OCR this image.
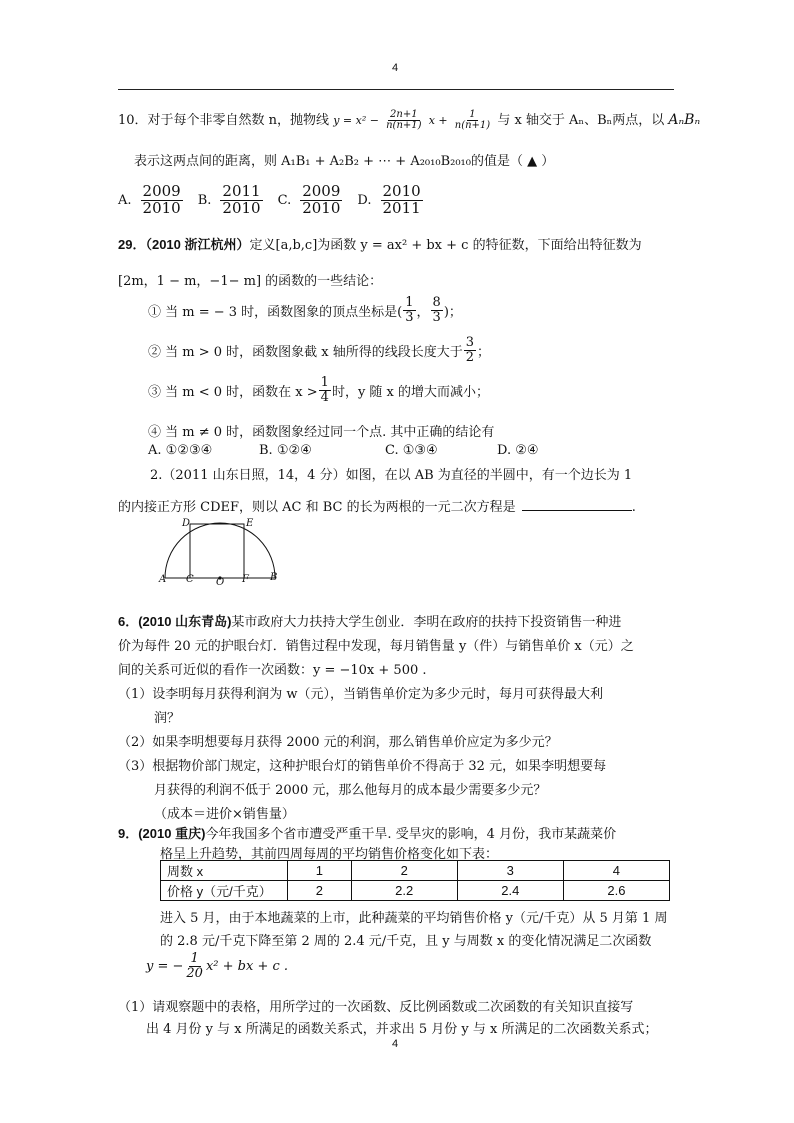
4
10．对于每个非零自然数 n，抛物线 $y = x^2 - \frac{2n+1}{n(n+1)}$ $x + \frac{1}{n(n+1)}$ 与 x 轴交于 Aₙ、Bₙ两点，以 AₙBₙ
表示这两点间的距离，则 A₁B₁ + A₂B₂ + ⋯ + A₂₀₁₀B₂₀₁₀的值是（ ▲ ）
A. $\frac{2009}{2010} B$. $\frac{2011}{2010} C$. $\frac{2009}{2010} D$. $\frac{2010}{2011}$
29．（2010 浙江杭州）定义[a,b,c]为函数 y = ax² + bx + c 的特征数，下面给出特征数为
[2m，1 − m，−1− m] 的函数的一些结论：
① 当 m = − 3 时，函数图象的顶点坐标是( $\frac{1}{3}$ ， $\frac{8}{3}$ )；
② 当 m > 0 时，函数图象截 x 轴所得的线段长度大于 $\frac{3}{2}$ ；
③ 当 m < 0 时，函数在 $x > \frac{1}{4}$ 时，y 随 x 的增大而减小；
④ 当 m ≠ 0 时，函数图象经过同一个点. 其中正确的结论有
A. ①②③④	B. ①②④	C. ①③④	D. ②④
2.（2011 山东日照，14，4 分）如图，在以 AB 为直径的半圆中，有一个边长为 1
的内接正方形 CDEF，则以 AC 和 BC 的长为两根的一元二次方程是	.
A C O F B
D	E
6．(2010 山东青岛)某市政府大力扶持大学生创业．李明在政府的扶持下投资销售一种进
价为每件 20 元的护眼台灯．销售过程中发现，每月销售量 y（件）与销售单价 x（元）之
间的关系可近似的看作一次函数：y = −10x + 500 .
（1）设李明每月获得利润为 w（元），当销售单价定为多少元时，每月可获得最大利
润？
（2）如果李明想要每月获得 2000 元的利润，那么销售单价应定为多少元？
（3）根据物价部门规定，这种护眼台灯的销售单价不得高于 32 元，如果李明想要每
月获得的利润不低于 2000 元，那么他每月的成本最少需要多少元？
（成本＝进价×销售量）
9．(2010 重庆)今年我国多个省市遭受严重干旱. 受旱灾的影响，4 月份，我市某蔬菜价
格呈上升趋势，其前四周每周的平均销售价格变化如下表：
周数 x	1	2	3	4
价格 y（元/千克）	2	2.2	2.4	2.6
进入 5 月，由于本地蔬菜的上市，此种蔬菜的平均销售价格 y（元/千克）从 5 月第 1 周
的 2.8 元/千克下降至第 2 周的 2.4 元/千克，且 y 与周数 x 的变化情况满足二次函数
y = − $\frac{1}{20} x^2$ + bx + c .
（1）请观察题中的表格，用所学过的一次函数、反比例函数或二次函数的有关知识直接写
出 4 月份 y 与 x 所满足的函数关系式，并求出 5 月份 y 与 x 所满足的二次函数关系式；
4
